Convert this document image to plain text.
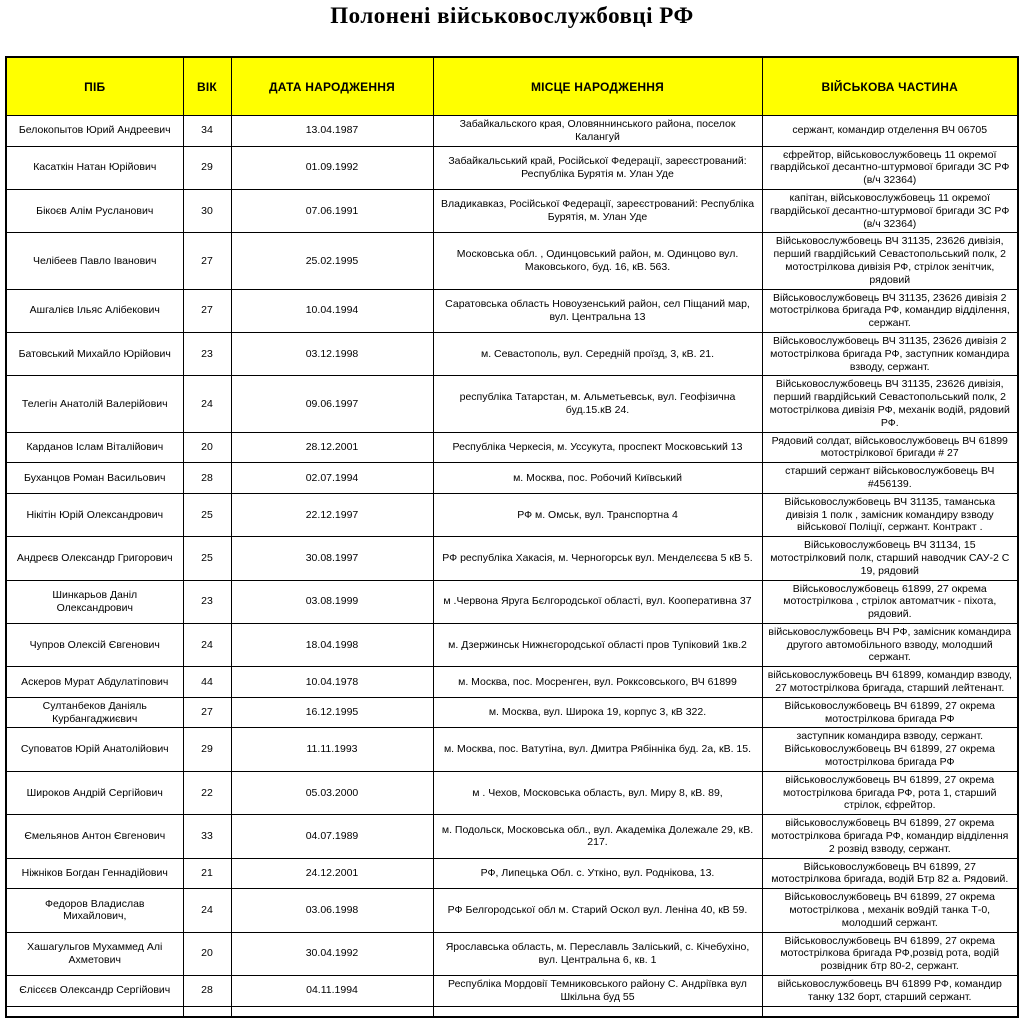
Полонені військовослужбовці РФ
ПІБ	ВІК	ДАТА НАРОДЖЕННЯ	МІСЦЕ НАРОДЖЕННЯ	ВІЙСЬКОВА ЧАСТИНА
Белокопытов Юрий Андреевич	34	13.04.1987	Забайкальского края, Оловяннинського района, поселок Калангуй	сержант, командир отделення ВЧ 06705
Касаткін Натан Юрійович	29	01.09.1992	Забайкальський край, Російської Федерації, зареєстрований: Республіка Бурятія м. Улан Уде	єфрейтор, військовослужбовець 11 окремої гвардійської десантно-штурмової бригади ЗС РФ (в/ч 32364)
Бікоєв Алім Русланович	30	07.06.1991	Владикавказ, Російської Федерації, зареєстрований: Республіка Бурятія, м. Улан Уде	капітан, військовослужбовець 11 окремої гвардійської десантно-штурмової бригади ЗС РФ (в/ч 32364)
Челібеев Павло Іванович	27	25.02.1995	Московська обл. , Одинцовський район, м. Одинцово вул. Маковського, буд. 16, кВ. 563.	Військовослужбовець ВЧ 31135, 23626 дивізія, перший гвардійський Севастопольський полк, 2 мотострілкова дивізія РФ, стрілок зенітчик, рядовий
Ашгалієв Ільяс Алібекович	27	10.04.1994	Саратовська область Новоузенський район, сел Піщаний мар, вул. Центральна 13	Військовослужбовець ВЧ 31135, 23626 дивізія 2 мотострілкова бригада РФ, командир відділення, сержант.
Батовський Михайло Юрійович	23	03.12.1998	м. Севастополь, вул. Середній проїзд, 3, кВ. 21.	Військовослужбовець ВЧ 31135, 23626 дивізія 2 мотострілкова бригада РФ, заступник командира взводу, сержант.
Телегін Анатолій Валерійович	24	09.06.1997	республіка Татарстан, м. Альметьевськ, вул. Геофізична буд.15.кВ 24.	Військовослужбовець ВЧ 31135, 23626 дивізія, перший гвардійський Севастопольський полк, 2 мотострілкова дивізія РФ, механік водій, рядовий РФ.
Карданов Іслам Віталійович	20	28.12.2001	Республіка Черкесія, м. Уссукута, проспект Московський 13	Рядовий солдат, військовослужбовець ВЧ 61899 мотострілкової бригади # 27
Буханцов Роман Васильович	28	02.07.1994	м. Москва, пос. Робочий Київський	старший сержант військовослужбовець ВЧ #456139.
Нікітін Юрій Олександрович	25	22.12.1997	РФ м. Омськ, вул. Транспортна 4	Військовослужбовець ВЧ 31135, таманська дивізія 1 полк , замісник командиру взводу військової Поліції, сержант. Контракт .
Андреєв Олександр Григорович	25	30.08.1997	РФ республіка Хакасія, м. Черногорськ вул. Менделєєва 5 кВ 5.	Військовослужбовець ВЧ 31134, 15 мотострілковий полк, старший наводчик САУ-2 С 19, рядовий
Шинкарьов Даніл Олександрович	23	03.08.1999	м .Червона Яруга Бєлгородської області, вул. Кооперативна 37	Військовослужбовець 61899, 27 окрема мотострілкова , стрілок автоматчик - піхота, рядовий.
Чупров Олексій Євгенович	24	18.04.1998	м. Дзержинськ Нижнєгородської області пров Тупіковий 1кв.2	військовослужбовець ВЧ РФ, замісник командира другого автомобільного взводу, молодший сержант.
Аскеров Мурат Абдулатіпович	44	10.04.1978	м. Москва, пос. Мосренген, вул. Рокксовського, ВЧ 61899	військовослужбовець ВЧ 61899, командир взводу, 27 мотострілкова бригада, старший лейтенант.
Султанбеков Даніяль Курбангаджиєвич	27	16.12.1995	м. Москва, вул. Широка 19, корпус 3, кВ 322.	Військовослужбовець ВЧ 61899, 27 окрема мотострілкова бригада РФ
Суповатов Юрій Анатолійович	29	11.11.1993	м. Москва, пос. Ватутіна, вул. Дмитра Рябінніка буд. 2а, кВ. 15.	заступник командира взводу, сержант. Військовослужбовець ВЧ 61899, 27 окрема мотострілкова бригада РФ
Широков Андрій Сергійович	22	05.03.2000	м . Чехов, Московська область, вул. Миру 8, кВ. 89,	військовослужбовець ВЧ 61899, 27 окрема мотострілкова бригада РФ, рота 1, старший стрілок, єфрейтор.
Ємельянов Антон Євгенович	33	04.07.1989	м. Подольск, Московська обл., вул. Академіка Долежале 29, кВ. 217.	військовослужбовець ВЧ 61899, 27 окрема мотострілкова бригада РФ, командир відділення 2 розвід взводу, сержант.
Ніжніков Богдан Геннадійович	21	24.12.2001	РФ, Липецька Обл. с. Уткіно, вул. Роднікова, 13.	Військовослужбовець ВЧ 61899, 27 мотострілкова бригада, водій Бтр 82 а. Рядовий.
Федоров Владислав Михайлович,	24	03.06.1998	РФ Белгородської обл м. Старий Оскол вул. Леніна 40, кВ 59.	Військовослужбовець ВЧ 61899, 27 окрема мотострілкова , механік во9дій танка Т-0, молодший сержант.
Хашагульгов Мухаммед Алі Ахметович	20	30.04.1992	Ярославська область, м. Переславль Заліський, с. Кічебухіно, вул. Центральна 6, кв. 1	Військовослужбовець ВЧ 61899, 27 окрема мотострілкова бригада РФ,розвід рота, водій розвідник бтр 80-2, сержант.
Єлісєєв Олександр Сергійович	28	04.11.1994	Республіка Мордовії Темниковського району С. Андріївка вул Шкільна буд 55	військовослужбовець ВЧ 61899 РФ, командир танку 132 борт, старший сержант.
